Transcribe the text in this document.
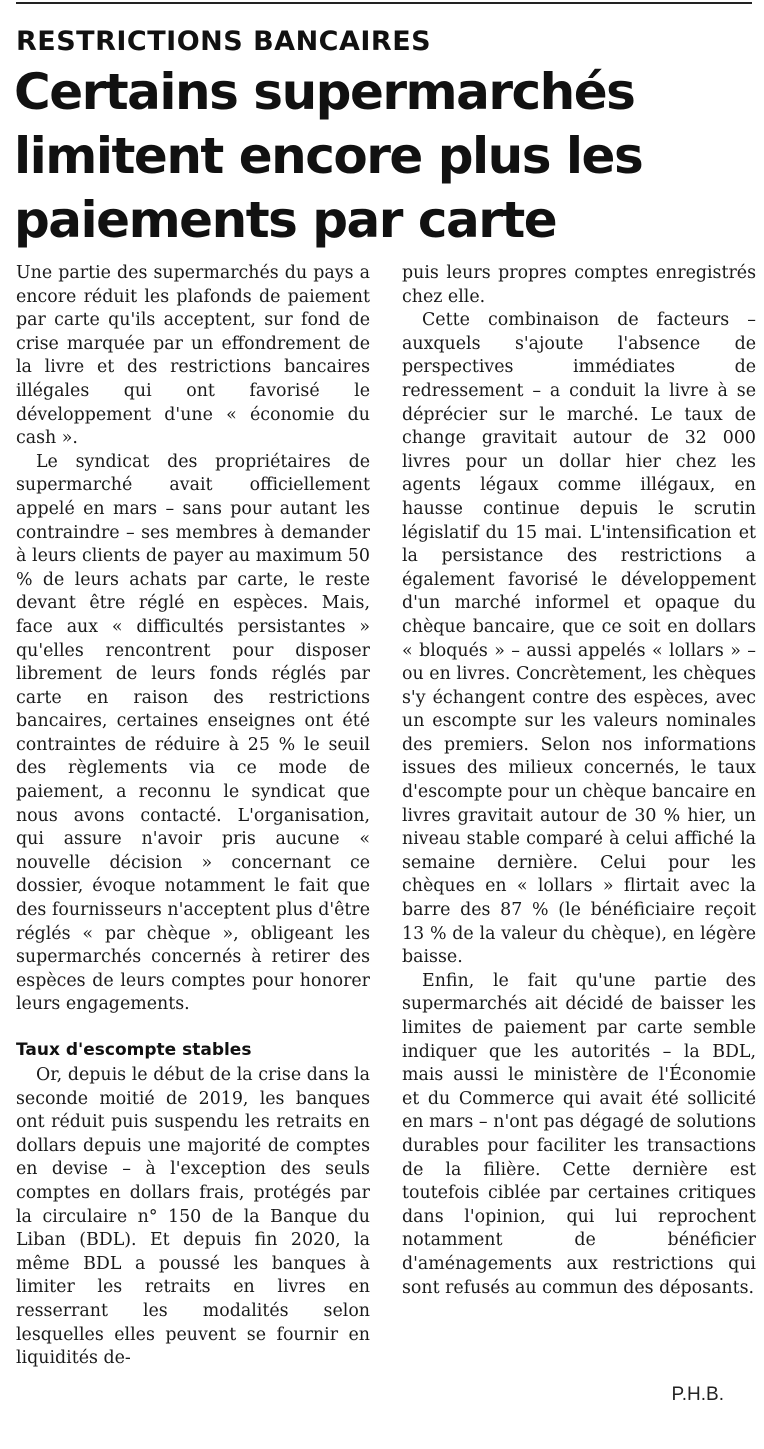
RESTRICTIONS BANCAIRES
Certains supermarchés limitent encore plus les paiements par carte

Une partie des supermarchés du pays a encore réduit les plafonds de paiement par carte qu'ils acceptent, sur fond de crise marquée par un effondrement de la livre et des restrictions bancaires illégales qui ont favorisé le développement d'une « économie du cash ».

Le syndicat des propriétaires de supermarché avait officiellement appelé en mars – sans pour autant les contraindre – ses membres à demander à leurs clients de payer au maximum 50 % de leurs achats par carte, le reste devant être réglé en espèces. Mais, face aux « difficultés persistantes » qu'elles rencontrent pour disposer librement de leurs fonds réglés par carte en raison des restrictions bancaires, certaines enseignes ont été contraintes de réduire à 25 % le seuil des règlements via ce mode de paiement, a reconnu le syndicat que nous avons contacté. L'organisation, qui assure n'avoir pris aucune « nouvelle décision » concernant ce dossier, évoque notamment le fait que des fournisseurs n'acceptent plus d'être réglés « par chèque », obligeant les supermarchés concernés à retirer des espèces de leurs comptes pour honorer leurs engagements.

Taux d'escompte stables

Or, depuis le début de la crise dans la seconde moitié de 2019, les banques ont réduit puis suspendu les retraits en dollars depuis une majorité de comptes en devise – à l'exception des seuls comptes en dollars frais, protégés par la circulaire n° 150 de la Banque du Liban (BDL). Et depuis fin 2020, la même BDL a poussé les banques à limiter les retraits en livres en resserrant les modalités selon lesquelles elles peuvent se fournir en liquidités de-

puis leurs propres comptes enregistrés chez elle.

Cette combinaison de facteurs – auxquels s'ajoute l'absence de perspectives immédiates de redressement – a conduit la livre à se déprécier sur le marché. Le taux de change gravitait autour de 32 000 livres pour un dollar hier chez les agents légaux comme illégaux, en hausse continue depuis le scrutin législatif du 15 mai. L'intensification et la persistance des restrictions a également favorisé le développement d'un marché informel et opaque du chèque bancaire, que ce soit en dollars « bloqués » – aussi appelés « lollars » – ou en livres. Concrètement, les chèques s'y échangent contre des espèces, avec un escompte sur les valeurs nominales des premiers. Selon nos informations issues des milieux concernés, le taux d'escompte pour un chèque bancaire en livres gravitait autour de 30 % hier, un niveau stable comparé à celui affiché la semaine dernière. Celui pour les chèques en « lollars » flirtait avec la barre des 87 % (le bénéficiaire reçoit 13 % de la valeur du chèque), en légère baisse.

Enfin, le fait qu'une partie des supermarchés ait décidé de baisser les limites de paiement par carte semble indiquer que les autorités – la BDL, mais aussi le ministère de l'Économie et du Commerce qui avait été sollicité en mars – n'ont pas dégagé de solutions durables pour faciliter les transactions de la filière. Cette dernière est toutefois ciblée par certaines critiques dans l'opinion, qui lui reprochent notamment de bénéficier d'aménagements aux restrictions qui sont refusés au commun des déposants.

P.H.B.
